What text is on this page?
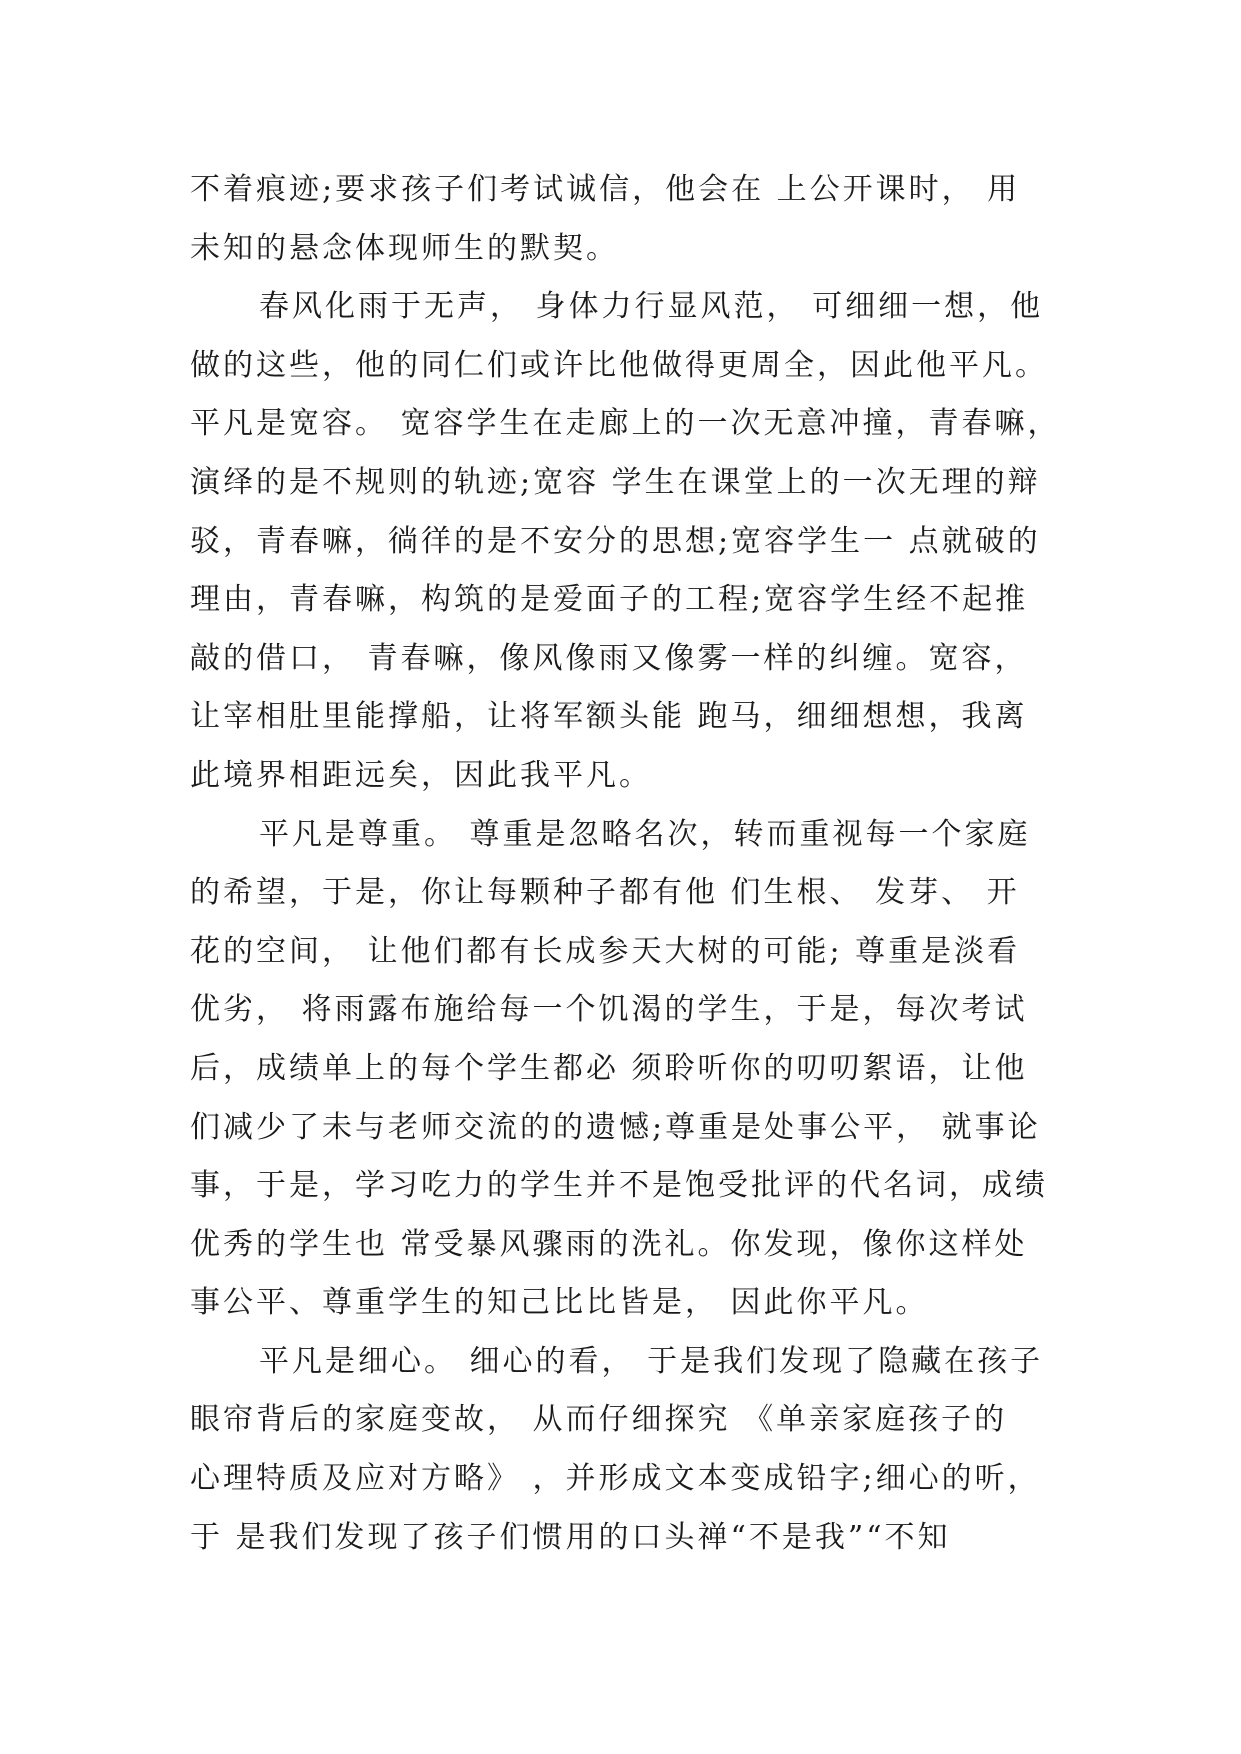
不着痕迹;要求孩子们考试诚信，他会在 上公开课时， 用
未知的悬念体现师生的默契。
春风化雨于无声， 身体力行显风范， 可细细一想，他
做的这些，他的同仁们或许比他做得更周全，因此他平凡。
平凡是宽容。 宽容学生在走廊上的一次无意冲撞，青春嘛，
演绎的是不规则的轨迹;宽容 学生在课堂上的一次无理的辩
驳，青春嘛，徜徉的是不安分的思想;宽容学生一 点就破的
理由，青春嘛，构筑的是爱面子的工程;宽容学生经不起推
敲的借口， 青春嘛，像风像雨又像雾一样的纠缠。宽容，
让宰相肚里能撑船，让将军额头能 跑马，细细想想，我离
此境界相距远矣，因此我平凡。
平凡是尊重。 尊重是忽略名次，转而重视每一个家庭
的希望，于是，你让每颗种子都有他 们生根、 发芽、 开
花的空间， 让他们都有长成参天大树的可能; 尊重是淡看
优劣， 将雨露布施给每一个饥渴的学生，于是，每次考试
后，成绩单上的每个学生都必 须聆听你的叨叨絮语，让他
们减少了未与老师交流的的遗憾;尊重是处事公平， 就事论
事，于是，学习吃力的学生并不是饱受批评的代名词，成绩
优秀的学生也 常受暴风骤雨的洗礼。你发现，像你这样处
事公平、尊重学生的知己比比皆是， 因此你平凡。
平凡是细心。 细心的看， 于是我们发现了隐藏在孩子
眼帘背后的家庭变故， 从而仔细探究 《单亲家庭孩子的
心理特质及应对方略》 ，并形成文本变成铅字;细心的听，
于 是我们发现了孩子们惯用的口头禅“不是我”“不知
